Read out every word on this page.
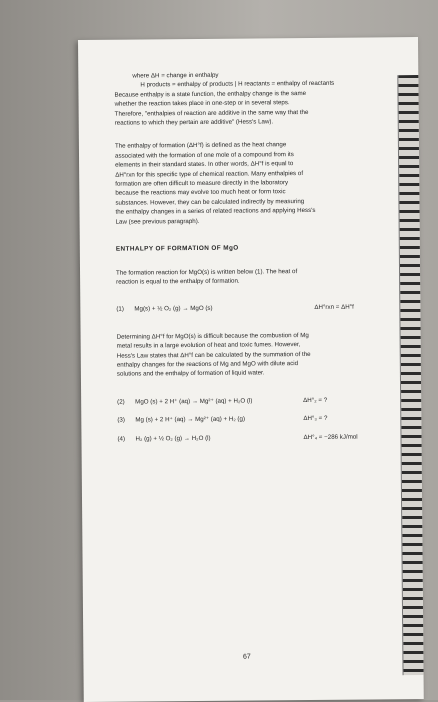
where ΔH = change in enthalpy
H products = enthalpy of products | H reactants = enthalpy of reactants
Because enthalpy is a state function, the enthalpy change is the same
whether the reaction takes place in one-step or in several steps.
Therefore, "enthalpies of reaction are additive in the same way that the
reactions to which they pertain are additive" (Hess's Law).
The enthalpy of formation (ΔH°f) is defined as the heat change
associated with the formation of one mole of a compound from its
elements in their standard states. In other words, ΔH°f is equal to
ΔH°rxn for this specific type of chemical reaction. Many enthalpies of
formation are often difficult to measure directly in the laboratory
because the reactions may evolve too much heat or form toxic
substances. However, they can be calculated indirectly by measuring
the enthalpy changes in a series of related reactions and applying Hess's
Law (see previous paragraph).
ENTHALPY OF FORMATION OF MgO
The formation reaction for MgO(s) is written below (1). The heat of
reaction is equal to the enthalpy of formation.
(1)	Mg(s) + ½ O₂ (g) → MgO (s)	ΔH°rxn = ΔH°f
Determining ΔH°f for MgO(s) is difficult because the combustion of Mg
metal results in a large evolution of heat and toxic fumes. However,
Hess's Law states that ΔH°f can be calculated by the summation of the
enthalpy changes for the reactions of Mg and MgO with dilute acid
solutions and the enthalpy of formation of liquid water.
(2)	MgO (s) + 2 H⁺ (aq) → Mg²⁺ (aq) + H₂O (l)	ΔH°₂ = ?
(3)	Mg (s) + 2 H⁺ (aq) → Mg²⁺ (aq) + H₂ (g)	ΔH°₃ = ?
(4)	H₂ (g) + ½ O₂ (g) → H₂O (l)	ΔH°₄ = −286 kJ/mol
67
